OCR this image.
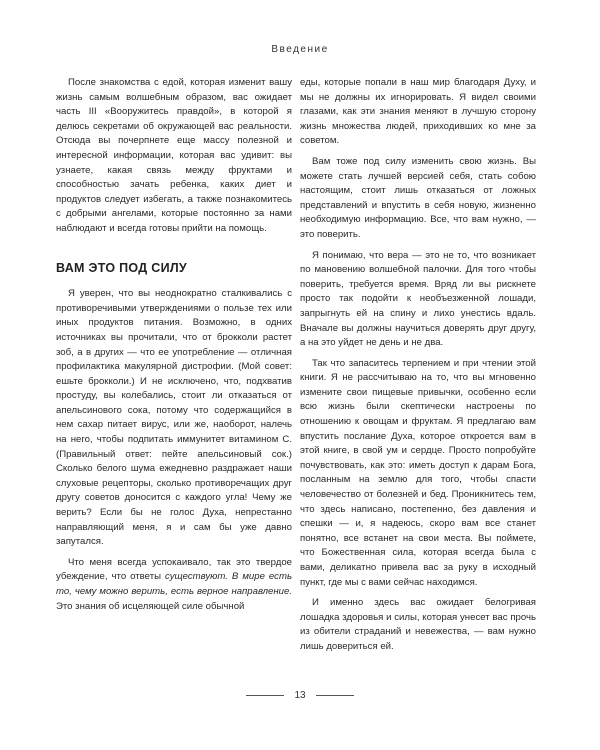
Введение

После знакомства с едой, которая изменит вашу жизнь самым волшебным образом, вас ожидает часть III «Вооружитесь правдой», в которой я делюсь секретами об окружающей вас реальности. Отсюда вы почерпнете еще массу полезной и интересной информации, которая вас удивит: вы узнаете, какая связь между фруктами и способностью зачать ребенка, каких диет и продуктов следует избегать, а также познакомитесь с добрыми ангелами, которые постоянно за нами наблюдают и всегда готовы прийти на помощь.

ВАМ ЭТО ПОД СИЛУ

Я уверен, что вы неоднократно сталкивались с противоречивыми утверждениями о пользе тех или иных продуктов питания. Возможно, в одних источниках вы прочитали, что от брокколи растет зоб, а в других — что ее употребление — отличная профилактика макулярной дистрофии. (Мой совет: ешьте брокколи.) И не исключено, что, подхватив простуду, вы колебались, стоит ли отказаться от апельсинового сока, потому что содержащийся в нем сахар питает вирус, или же, наоборот, налечь на него, чтобы подпитать иммунитет витамином С. (Правильный ответ: пейте апельсиновый сок.) Сколько белого шума ежедневно раздражает наши слуховые рецепторы, сколько противоречащих друг другу советов доносится с каждого угла! Чему же верить? Если бы не голос Духа, непрестанно направляющий меня, я и сам бы уже давно запутался.

Что меня всегда успокаивало, так это твердое убеждение, что ответы существуют. В мире есть то, чему можно верить, есть верное направление. Это знания об исцеляющей силе обычной

еды, которые попали в наш мир благодаря Духу, и мы не должны их игнорировать. Я видел своими глазами, как эти знания меняют в лучшую сторону жизнь множества людей, приходивших ко мне за советом.

Вам тоже под силу изменить свою жизнь. Вы можете стать лучшей версией себя, стать собою настоящим, стоит лишь отказаться от ложных представлений и впустить в себя новую, жизненно необходимую информацию. Все, что вам нужно, — это поверить.

Я понимаю, что вера — это не то, что возникает по мановению волшебной палочки. Для того чтобы поверить, требуется время. Вряд ли вы рискнете просто так подойти к необъезженной лошади, запрыгнуть ей на спину и лихо унестись вдаль. Вначале вы должны научиться доверять друг другу, а на это уйдет не день и не два.

Так что запаситесь терпением и при чтении этой книги. Я не рассчитываю на то, что вы мгновенно измените свои пищевые привычки, особенно если всю жизнь были скептически настроены по отношению к овощам и фруктам. Я предлагаю вам впустить послание Духа, которое откроется вам в этой книге, в свой ум и сердце. Просто попробуйте почувствовать, как это: иметь доступ к дарам Бога, посланным на землю для того, чтобы спасти человечество от болезней и бед. Проникнитесь тем, что здесь написано, постепенно, без давления и спешки — и, я надеюсь, скоро вам все станет понятно, все встанет на свои места. Вы поймете, что Божественная сила, которая всегда была с вами, деликатно привела вас за руку в исходный пункт, где мы с вами сейчас находимся.

И именно здесь вас ожидает белогривая лошадка здоровья и силы, которая унесет вас прочь из обители страданий и невежества, — вам нужно лишь довериться ей.

13
